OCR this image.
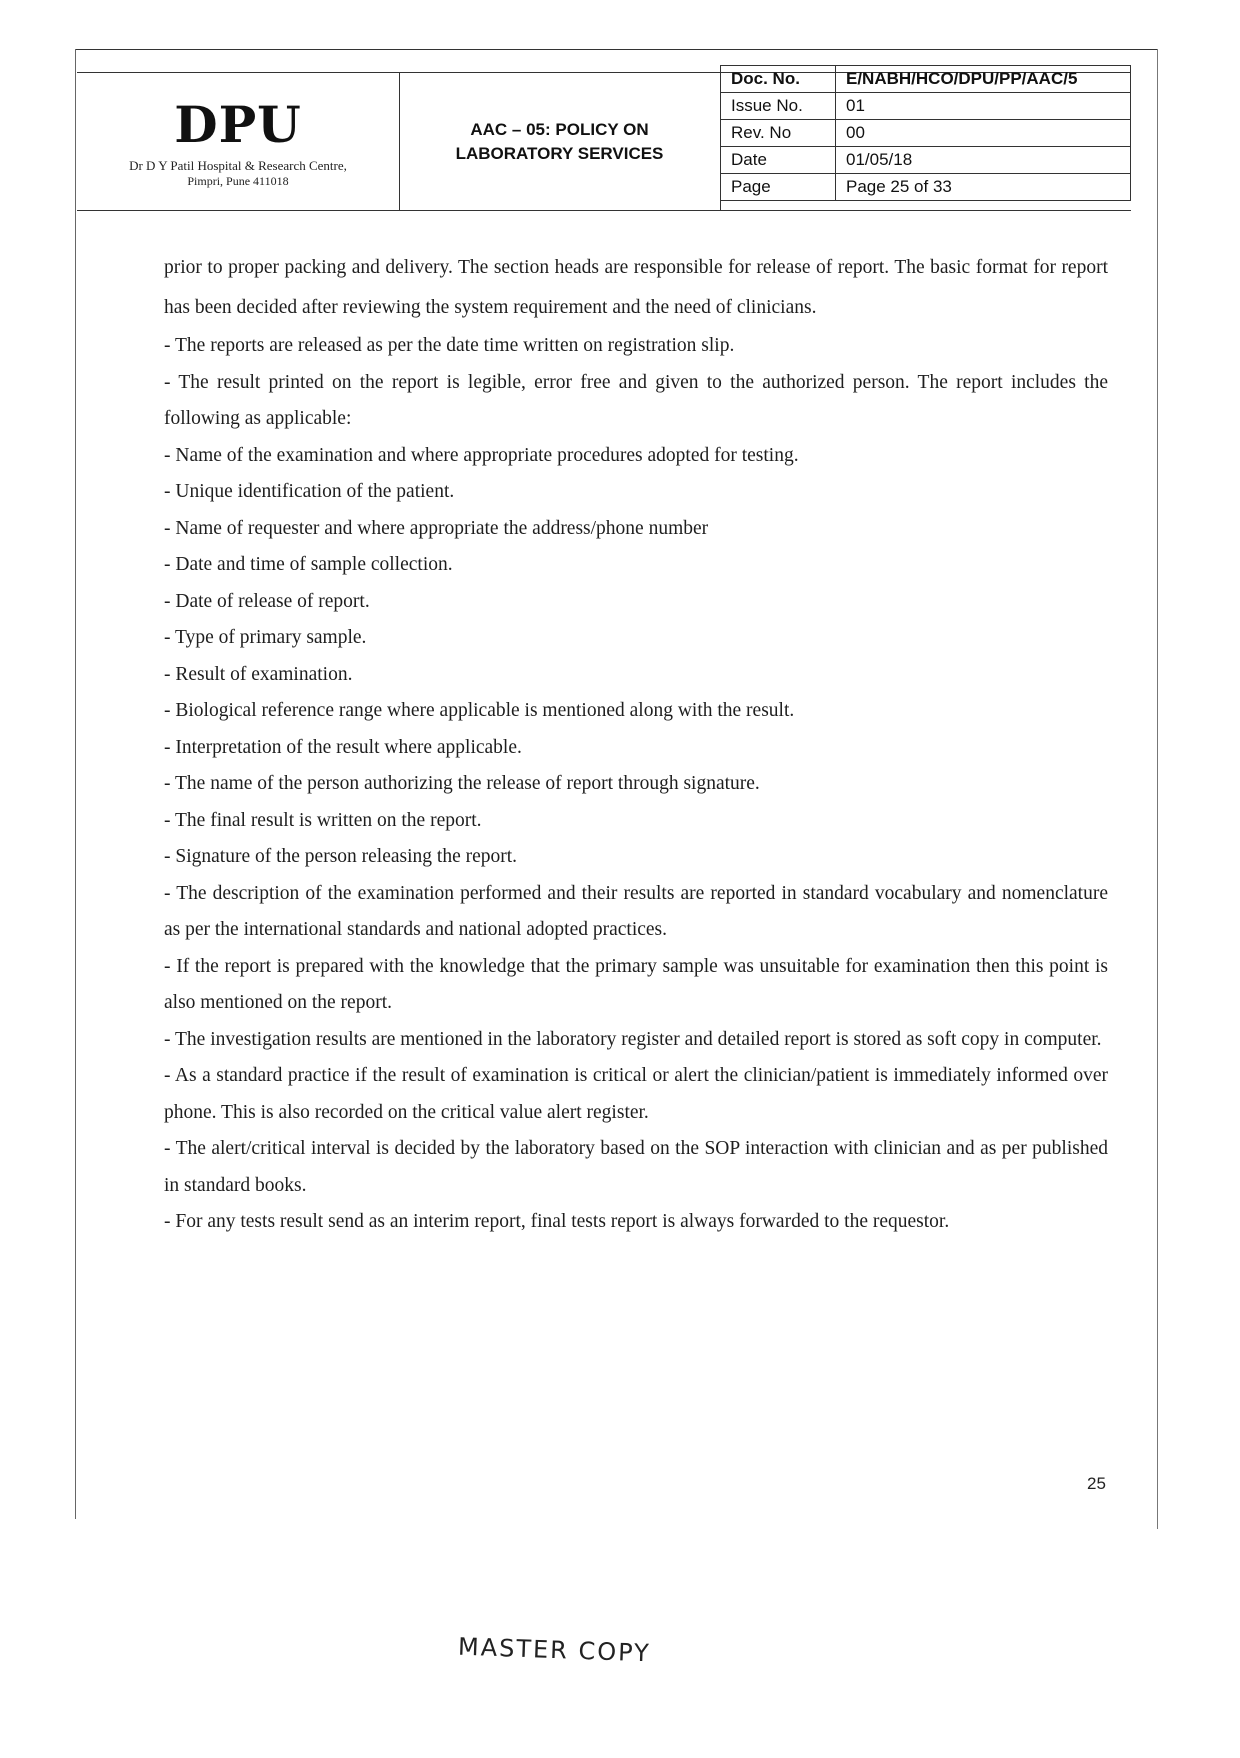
DPU
Dr D Y Patil Hospital & Research Centre,
Pimpri, Pune 411018
AAC – 05: POLICY ON
LABORATORY SERVICES
Doc. No.	E/NABH/HCO/DPU/PP/AAC/5
Issue No.	01
Rev. No	00
Date	01/05/18
Page	Page 25 of 33

prior to proper packing and delivery. The section heads are responsible for release of report. The basic format for report has been decided after reviewing the system requirement and the need of clinicians.

- The reports are released as per the date time written on registration slip.

- The result printed on the report is legible, error free and given to the authorized person. The report includes the following as applicable:

- Name of the examination and where appropriate procedures adopted for testing.

- Unique identification of the patient.

- Name of requester and where appropriate the address/phone number

- Date and time of sample collection.

- Date of release of report.

- Type of primary sample.

- Result of examination.

- Biological reference range where applicable is mentioned along with the result.

- Interpretation of the result where applicable.

- The name of the person authorizing the release of report through signature.

- The final result is written on the report.

- Signature of the person releasing the report.

- The description of the examination performed and their results are reported in standard vocabulary and nomenclature as per the international standards and national adopted practices.

- If the report is prepared with the knowledge that the primary sample was unsuitable for examination then this point is also mentioned on the report.

- The investigation results are mentioned in the laboratory register and detailed report is stored as soft copy in computer.

- As a standard practice if the result of examination is critical or alert the clinician/patient is immediately informed over phone. This is also recorded on the critical value alert register.

- The alert/critical interval is decided by the laboratory based on the SOP interaction with clinician and as per published in standard books.

- For any tests result send as an interim report, final tests report is always forwarded to the requestor.

25
MASTER COPY
